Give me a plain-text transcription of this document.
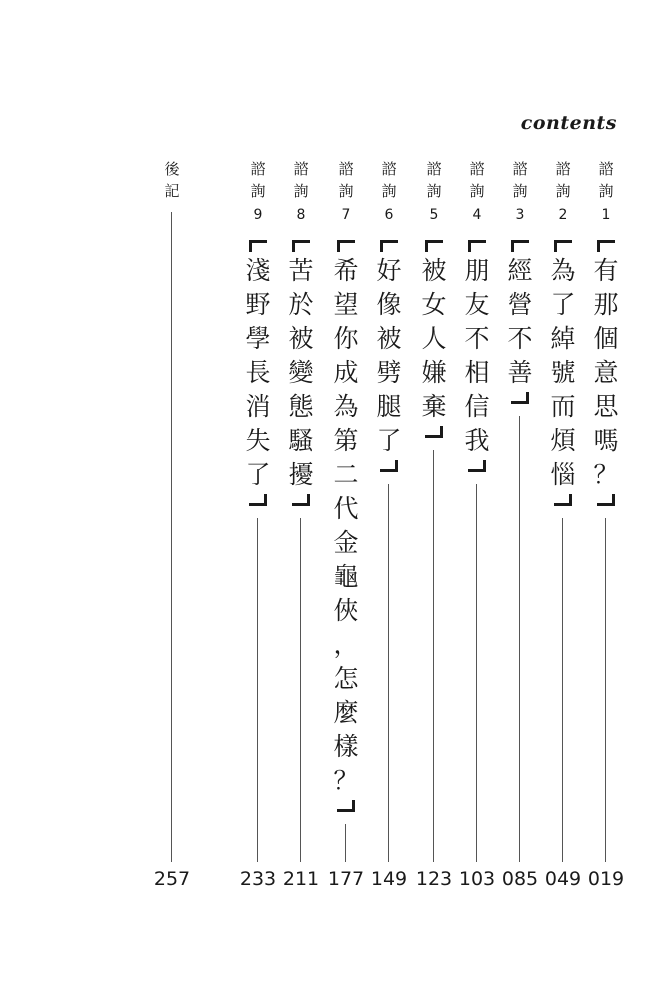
contents
諮
詢
1
有
那
個
意
思
嗎
？
019
諮
詢
2
為
了
綽
號
而
煩
惱
049
諮
詢
3
經
營
不
善
085
諮
詢
4
朋
友
不
相
信
我
103
諮
詢
5
被
女
人
嫌
棄
123
諮
詢
6
好
像
被
劈
腿
了
149
諮
詢
7
希
望
你
成
為
第
二
代
金
龜
俠
，
怎
麼
樣
？
177
諮
詢
8
苦
於
被
變
態
騷
擾
211
諮
詢
9
淺
野
學
長
消
失
了
233
後
記
257
